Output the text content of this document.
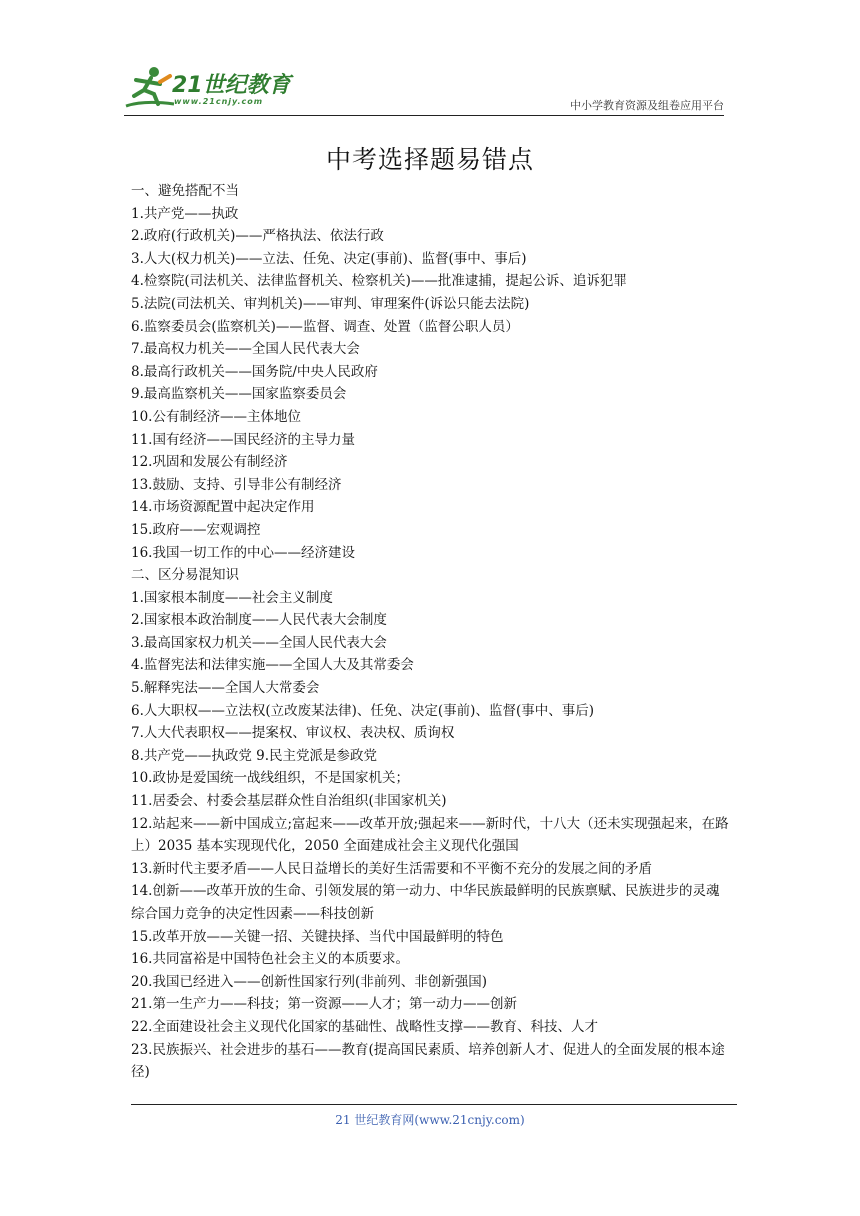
21世纪教育
www.21cnjy.com	中小学教育资源及组卷应用平台
中考选择题易错点
一、避免搭配不当
1.共产党——执政
2.政府(行政机关)——严格执法、依法行政
3.人大(权力机关)——立法、任免、决定(事前)、监督(事中、事后)
4.检察院(司法机关、法律监督机关、检察机关)——批准逮捕，提起公诉、追诉犯罪
5.法院(司法机关、审判机关)——审判、审理案件(诉讼只能去法院)
6.监察委员会(监察机关)——监督、调查、处置（监督公职人员）
7.最高权力机关——全国人民代表大会
8.最高行政机关——国务院/中央人民政府
9.最高监察机关——国家监察委员会
10.公有制经济——主体地位
11.国有经济——国民经济的主导力量
12.巩固和发展公有制经济
13.鼓励、支持、引导非公有制经济
14.市场资源配置中起决定作用
15.政府——宏观调控
16.我国一切工作的中心——经济建设
二、区分易混知识
1.国家根本制度——社会主义制度
2.国家根本政治制度——人民代表大会制度
3.最高国家权力机关——全国人民代表大会
4.监督宪法和法律实施——全国人大及其常委会
5.解释宪法——全国人大常委会
6.人大职权——立法权(立改废某法律)、任免、决定(事前)、监督(事中、事后)
7.人大代表职权——提案权、审议权、表决权、质询权
8.共产党——执政党 9.民主党派是参政党
10.政协是爱国统一战线组织，不是国家机关；
11.居委会、村委会基层群众性自治组织(非国家机关)
12.站起来——新中国成立;富起来——改革开放;强起来——新时代，十八大（还未实现强起来，在路上）2035 基本实现现代化，2050 全面建成社会主义现代化强国
13.新时代主要矛盾——人民日益增长的美好生活需要和不平衡不充分的发展之间的矛盾
14.创新——改革开放的生命、引领发展的第一动力、中华民族最鲜明的民族禀赋、民族进步的灵魂　　综合国力竞争的决定性因素——科技创新
15.改革开放——关键一招、关键抉择、当代中国最鲜明的特色
16.共同富裕是中国特色社会主义的本质要求。
20.我国已经进入——创新性国家行列(非前列、非创新强国)
21.第一生产力——科技；第一资源——人才；第一动力——创新
22.全面建设社会主义现代化国家的基础性、战略性支撑——教育、科技、人才
23.民族振兴、社会进步的基石——教育(提高国民素质、培养创新人才、促进人的全面发展的根本途径)
21 世纪教育网(www.21cnjy.com)
